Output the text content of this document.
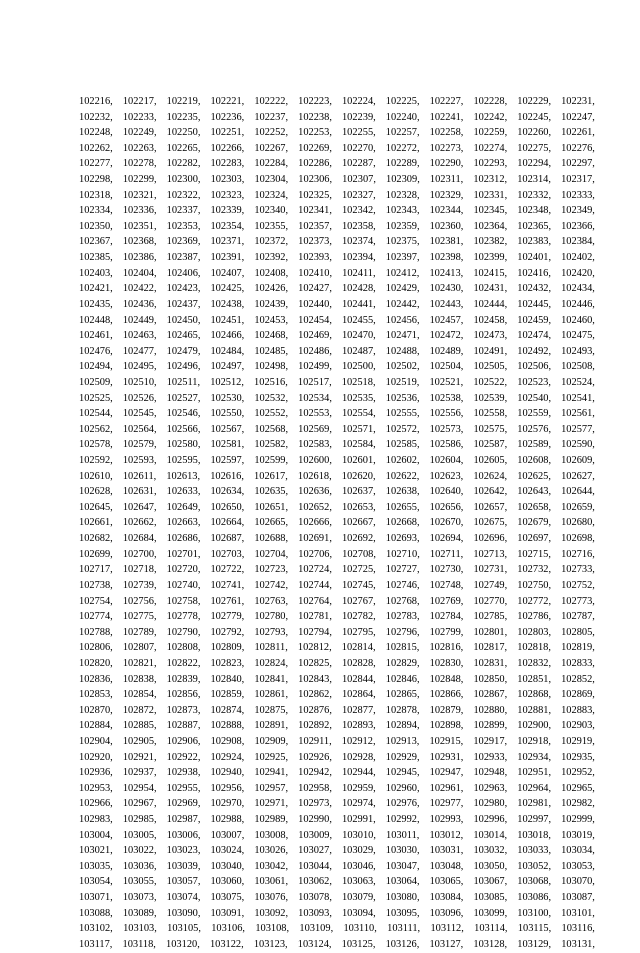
102216, 102217, 102219, 102221, 102222, 102223, 102224, 102225, 102227, 102228, 102229, 102231,
102232, 102233, 102235, 102236, 102237, 102238, 102239, 102240, 102241, 102242, 102245, 102247,
102248, 102249, 102250, 102251, 102252, 102253, 102255, 102257, 102258, 102259, 102260, 102261,
102262, 102263, 102265, 102266, 102267, 102269, 102270, 102272, 102273, 102274, 102275, 102276,
102277, 102278, 102282, 102283, 102284, 102286, 102287, 102289, 102290, 102293, 102294, 102297,
102298, 102299, 102300, 102303, 102304, 102306, 102307, 102309, 102311, 102312, 102314, 102317,
102318, 102321, 102322, 102323, 102324, 102325, 102327, 102328, 102329, 102331, 102332, 102333,
102334, 102336, 102337, 102339, 102340, 102341, 102342, 102343, 102344, 102345, 102348, 102349,
102350, 102351, 102353, 102354, 102355, 102357, 102358, 102359, 102360, 102364, 102365, 102366,
102367, 102368, 102369, 102371, 102372, 102373, 102374, 102375, 102381, 102382, 102383, 102384,
102385, 102386, 102387, 102391, 102392, 102393, 102394, 102397, 102398, 102399, 102401, 102402,
102403, 102404, 102406, 102407, 102408, 102410, 102411, 102412, 102413, 102415, 102416, 102420,
102421, 102422, 102423, 102425, 102426, 102427, 102428, 102429, 102430, 102431, 102432, 102434,
102435, 102436, 102437, 102438, 102439, 102440, 102441, 102442, 102443, 102444, 102445, 102446,
102448, 102449, 102450, 102451, 102453, 102454, 102455, 102456, 102457, 102458, 102459, 102460,
102461, 102463, 102465, 102466, 102468, 102469, 102470, 102471, 102472, 102473, 102474, 102475,
102476, 102477, 102479, 102484, 102485, 102486, 102487, 102488, 102489, 102491, 102492, 102493,
102494, 102495, 102496, 102497, 102498, 102499, 102500, 102502, 102504, 102505, 102506, 102508,
102509, 102510, 102511, 102512, 102516, 102517, 102518, 102519, 102521, 102522, 102523, 102524,
102525, 102526, 102527, 102530, 102532, 102534, 102535, 102536, 102538, 102539, 102540, 102541,
102544, 102545, 102546, 102550, 102552, 102553, 102554, 102555, 102556, 102558, 102559, 102561,
102562, 102564, 102566, 102567, 102568, 102569, 102571, 102572, 102573, 102575, 102576, 102577,
102578, 102579, 102580, 102581, 102582, 102583, 102584, 102585, 102586, 102587, 102589, 102590,
102592, 102593, 102595, 102597, 102599, 102600, 102601, 102602, 102604, 102605, 102608, 102609,
102610, 102611, 102613, 102616, 102617, 102618, 102620, 102622, 102623, 102624, 102625, 102627,
102628, 102631, 102633, 102634, 102635, 102636, 102637, 102638, 102640, 102642, 102643, 102644,
102645, 102647, 102649, 102650, 102651, 102652, 102653, 102655, 102656, 102657, 102658, 102659,
102661, 102662, 102663, 102664, 102665, 102666, 102667, 102668, 102670, 102675, 102679, 102680,
102682, 102684, 102686, 102687, 102688, 102691, 102692, 102693, 102694, 102696, 102697, 102698,
102699, 102700, 102701, 102703, 102704, 102706, 102708, 102710, 102711, 102713, 102715, 102716,
102717, 102718, 102720, 102722, 102723, 102724, 102725, 102727, 102730, 102731, 102732, 102733,
102738, 102739, 102740, 102741, 102742, 102744, 102745, 102746, 102748, 102749, 102750, 102752,
102754, 102756, 102758, 102761, 102763, 102764, 102767, 102768, 102769, 102770, 102772, 102773,
102774, 102775, 102778, 102779, 102780, 102781, 102782, 102783, 102784, 102785, 102786, 102787,
102788, 102789, 102790, 102792, 102793, 102794, 102795, 102796, 102799, 102801, 102803, 102805,
102806, 102807, 102808, 102809, 102811, 102812, 102814, 102815, 102816, 102817, 102818, 102819,
102820, 102821, 102822, 102823, 102824, 102825, 102828, 102829, 102830, 102831, 102832, 102833,
102836, 102838, 102839, 102840, 102841, 102843, 102844, 102846, 102848, 102850, 102851, 102852,
102853, 102854, 102856, 102859, 102861, 102862, 102864, 102865, 102866, 102867, 102868, 102869,
102870, 102872, 102873, 102874, 102875, 102876, 102877, 102878, 102879, 102880, 102881, 102883,
102884, 102885, 102887, 102888, 102891, 102892, 102893, 102894, 102898, 102899, 102900, 102903,
102904, 102905, 102906, 102908, 102909, 102911, 102912, 102913, 102915, 102917, 102918, 102919,
102920, 102921, 102922, 102924, 102925, 102926, 102928, 102929, 102931, 102933, 102934, 102935,
102936, 102937, 102938, 102940, 102941, 102942, 102944, 102945, 102947, 102948, 102951, 102952,
102953, 102954, 102955, 102956, 102957, 102958, 102959, 102960, 102961, 102963, 102964, 102965,
102966, 102967, 102969, 102970, 102971, 102973, 102974, 102976, 102977, 102980, 102981, 102982,
102983, 102985, 102987, 102988, 102989, 102990, 102991, 102992, 102993, 102996, 102997, 102999,
103004, 103005, 103006, 103007, 103008, 103009, 103010, 103011, 103012, 103014, 103018, 103019,
103021, 103022, 103023, 103024, 103026, 103027, 103029, 103030, 103031, 103032, 103033, 103034,
103035, 103036, 103039, 103040, 103042, 103044, 103046, 103047, 103048, 103050, 103052, 103053,
103054, 103055, 103057, 103060, 103061, 103062, 103063, 103064, 103065, 103067, 103068, 103070,
103071, 103073, 103074, 103075, 103076, 103078, 103079, 103080, 103084, 103085, 103086, 103087,
103088, 103089, 103090, 103091, 103092, 103093, 103094, 103095, 103096, 103099, 103100, 103101,
103102, 103103, 103105, 103106, 103108, 103109, 103110, 103111, 103112, 103114, 103115, 103116,
103117, 103118, 103120, 103122, 103123, 103124, 103125, 103126, 103127, 103128, 103129, 103131,
